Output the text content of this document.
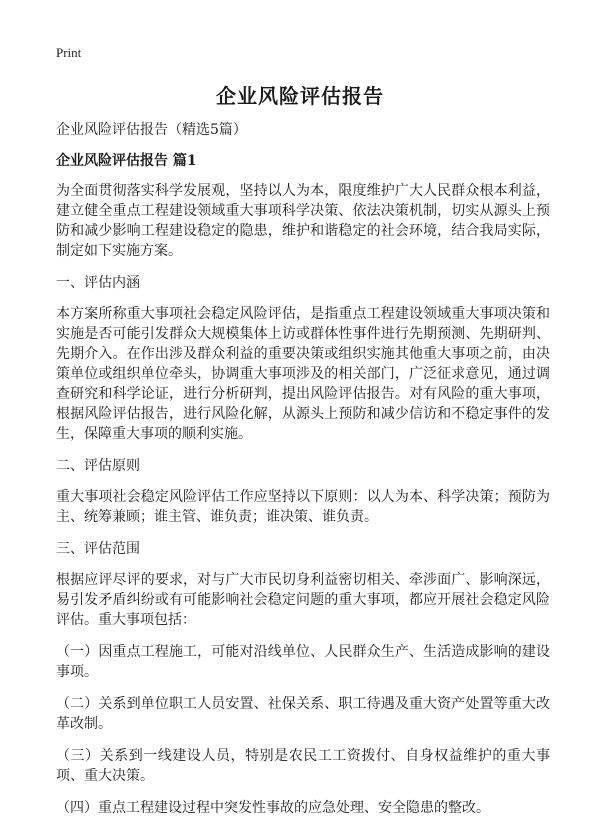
Print
企业风险评估报告

企业风险评估报告（精选5篇）

企业风险评估报告 篇1

为全面贯彻落实科学发展观，坚持以人为本，限度维护广大人民群众根本利益，建立健全重点工程建设领域重大事项科学决策、依法决策机制，切实从源头上预防和减少影响工程建设稳定的隐患，维护和谐稳定的社会环境，结合我局实际，制定如下实施方案。

一、评估内涵

本方案所称重大事项社会稳定风险评估，是指重点工程建设领域重大事项决策和实施是否可能引发群众大规模集体上访或群体性事件进行先期预测、先期研判、先期介入。在作出涉及群众利益的重要决策或组织实施其他重大事项之前，由决策单位或组织单位牵头，协调重大事项涉及的相关部门，广泛征求意见，通过调查研究和科学论证，进行分析研判，提出风险评估报告。对有风险的重大事项，根据风险评估报告，进行风险化解，从源头上预防和减少信访和不稳定事件的发生，保障重大事项的顺利实施。

二、评估原则

重大事项社会稳定风险评估工作应坚持以下原则：以人为本、科学决策；预防为主、统筹兼顾；谁主管、谁负责；谁决策、谁负责。

三、评估范围

根据应评尽评的要求，对与广大市民切身利益密切相关、牵涉面广、影响深远，易引发矛盾纠纷或有可能影响社会稳定问题的重大事项，都应开展社会稳定风险评估。重大事项包括：

（一）因重点工程施工，可能对沿线单位、人民群众生产、生活造成影响的建设事项。

（二）关系到单位职工人员安置、社保关系、职工待遇及重大资产处置等重大改革改制。

（三）关系到一线建设人员，特别是农民工工资拨付、自身权益维护的重大事项、重大决策。

（四）重点工程建设过程中突发性事故的应急处理、安全隐患的整改。
